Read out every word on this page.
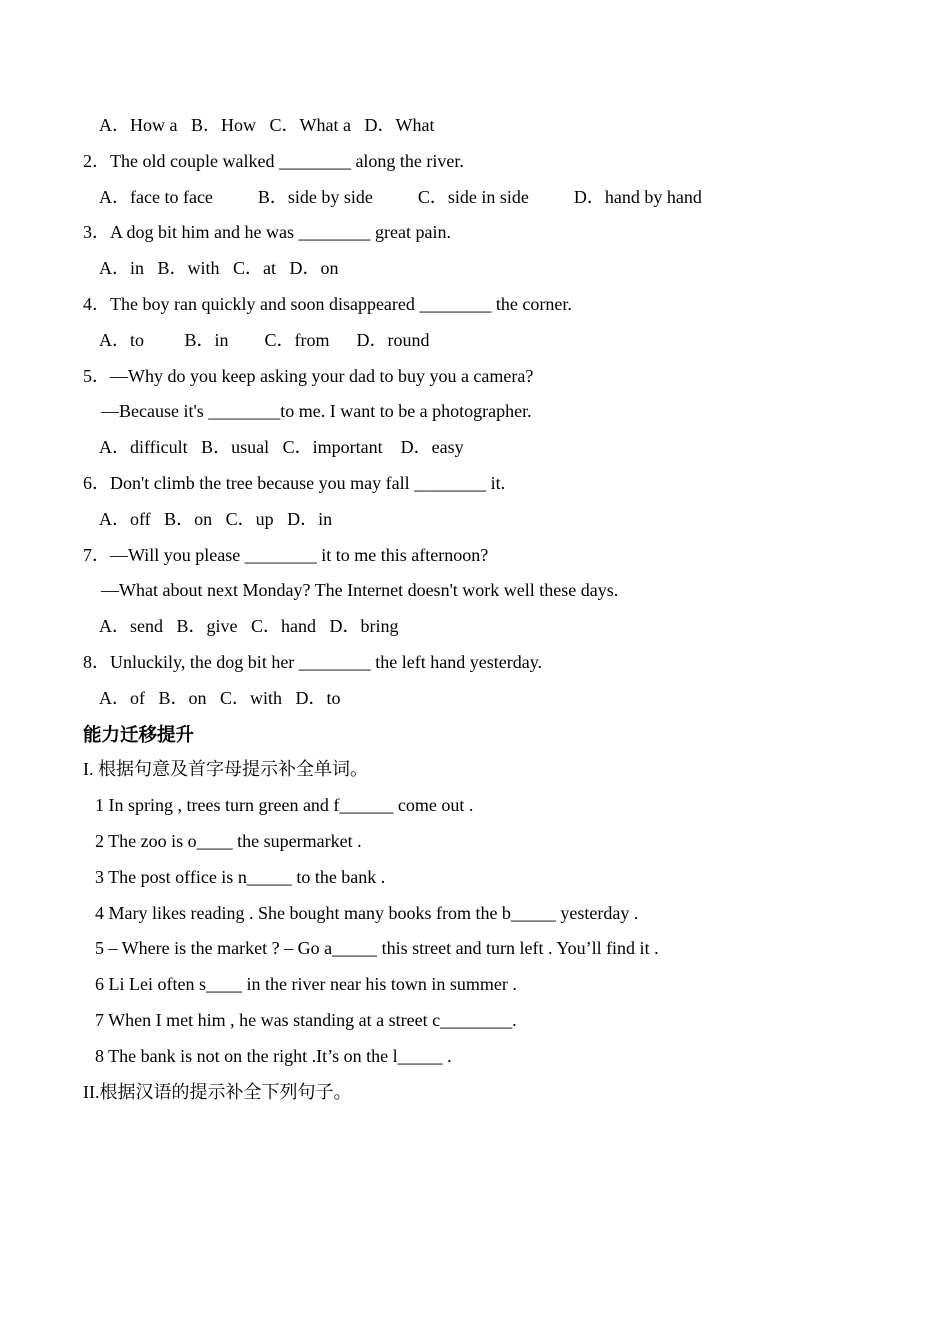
A．How a   B．How   C．What a   D．What
2．The old couple walked ________ along the river.
A．face to face          B．side by side          C．side in side          D．hand by hand
3．A dog bit him and he was ________ great pain.
A．in   B．with   C．at   D．on
4．The boy ran quickly and soon disappeared ________ the corner.
A．to         B．in        C．from      D．round
5．—Why do you keep asking your dad to buy you a camera?
—Because it's ________to me. I want to be a photographer.
A．difficult   B．usual   C．important    D．easy
6．Don't climb the tree because you may fall ________ it.
A．off   B．on   C．up   D．in
7．—Will you please ________ it to me this afternoon?
—What about next Monday? The Internet doesn't work well these days.
A．send   B．give   C．hand   D．bring
8．Unluckily, the dog bit her ________ the left hand yesterday.
A．of   B．on   C．with   D．to
能力迁移提升
I. 根据句意及首字母提示补全单词。
1 In spring , trees turn green and f______ come out .
2 The zoo is o____ the supermarket .
3 The post office is n_____ to the bank .
4 Mary likes reading . She bought many books from the b_____ yesterday .
5 – Where is the market ? – Go a_____ this street and turn left . You’ll find it .
6 Li Lei often s____ in the river near his town in summer .
7 When I met him , he was standing at a street c________.
8 The bank is not on the right .It’s on the l_____ .
II.根据汉语的提示补全下列句子。
